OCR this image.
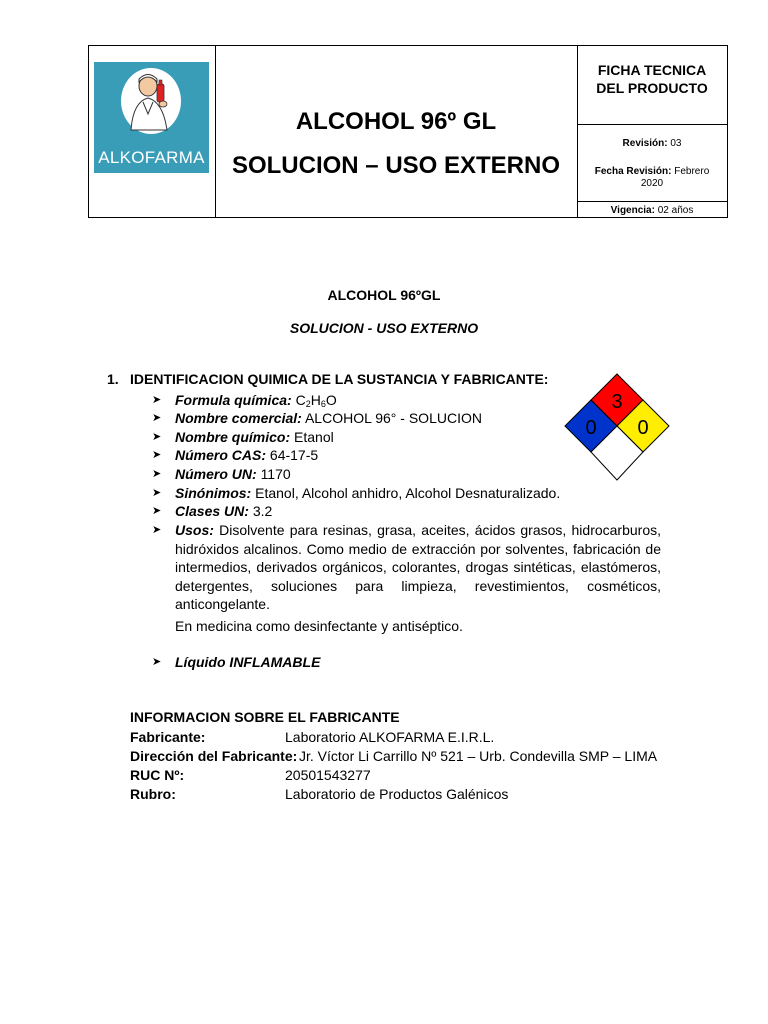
ALKOFARMA
ALCOHOL 96º GL
SOLUCION – USO EXTERNO
FICHA TECNICA
DEL PRODUCTO
Revisión: 03
Fecha Revisión: Febrero
2020
Vigencia: 02 años
ALCOHOL 96ºGL
SOLUCION - USO EXTERNO
1. IDENTIFICACION QUIMICA DE LA SUSTANCIA Y FABRICANTE:
➤ Formula química: $C_2H_6O$
➤ Nombre comercial: ALCOHOL 96° - SOLUCION
➤ Nombre químico: Etanol
➤ Número CAS: 64-17-5
➤ Número UN: 1170
➤ Sinónimos: Etanol, Alcohol anhidro, Alcohol Desnaturalizado.
➤ Clases UN: 3.2
➤ Usos: Disolvente para resinas, grasa, aceites, ácidos grasos, hidrocarburos, hidróxidos alcalinos. Como medio de extracción por solventes, fabricación de intermedios, derivados orgánicos, colorantes, drogas sintéticas, elastómeros, detergentes, soluciones para limpieza, revestimientos, cosméticos, anticongelante.
En medicina como desinfectante y antiséptico.
➤ Líquido INFLAMABLE
3
0 0
INFORMACION SOBRE EL FABRICANTE
Fabricante:	Laboratorio ALKOFARMA E.I.R.L.
Dirección del Fabricante: Jr. Víctor Li Carrillo Nº 521 – Urb. Condevilla SMP – LIMA
RUC Nº:	20501543277
Rubro:	Laboratorio de Productos Galénicos
